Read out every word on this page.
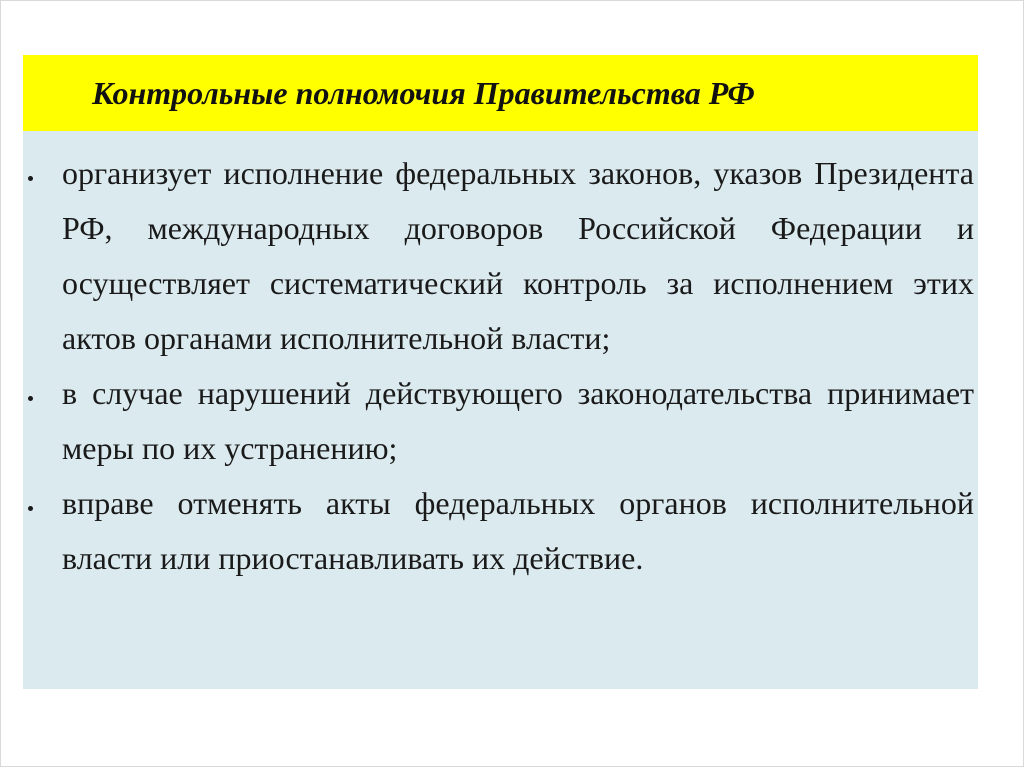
Контрольные полномочия Правительства РФ
организует исполнение федеральных законов, указов Президента РФ, международных договоров Российской Федерации и осуществляет систематический контроль за исполнением этих актов органами исполнительной власти;
в случае нарушений действующего законодательства принимает меры по их устранению;
вправе отменять акты федеральных органов исполнительной власти или приостанавливать их действие.
